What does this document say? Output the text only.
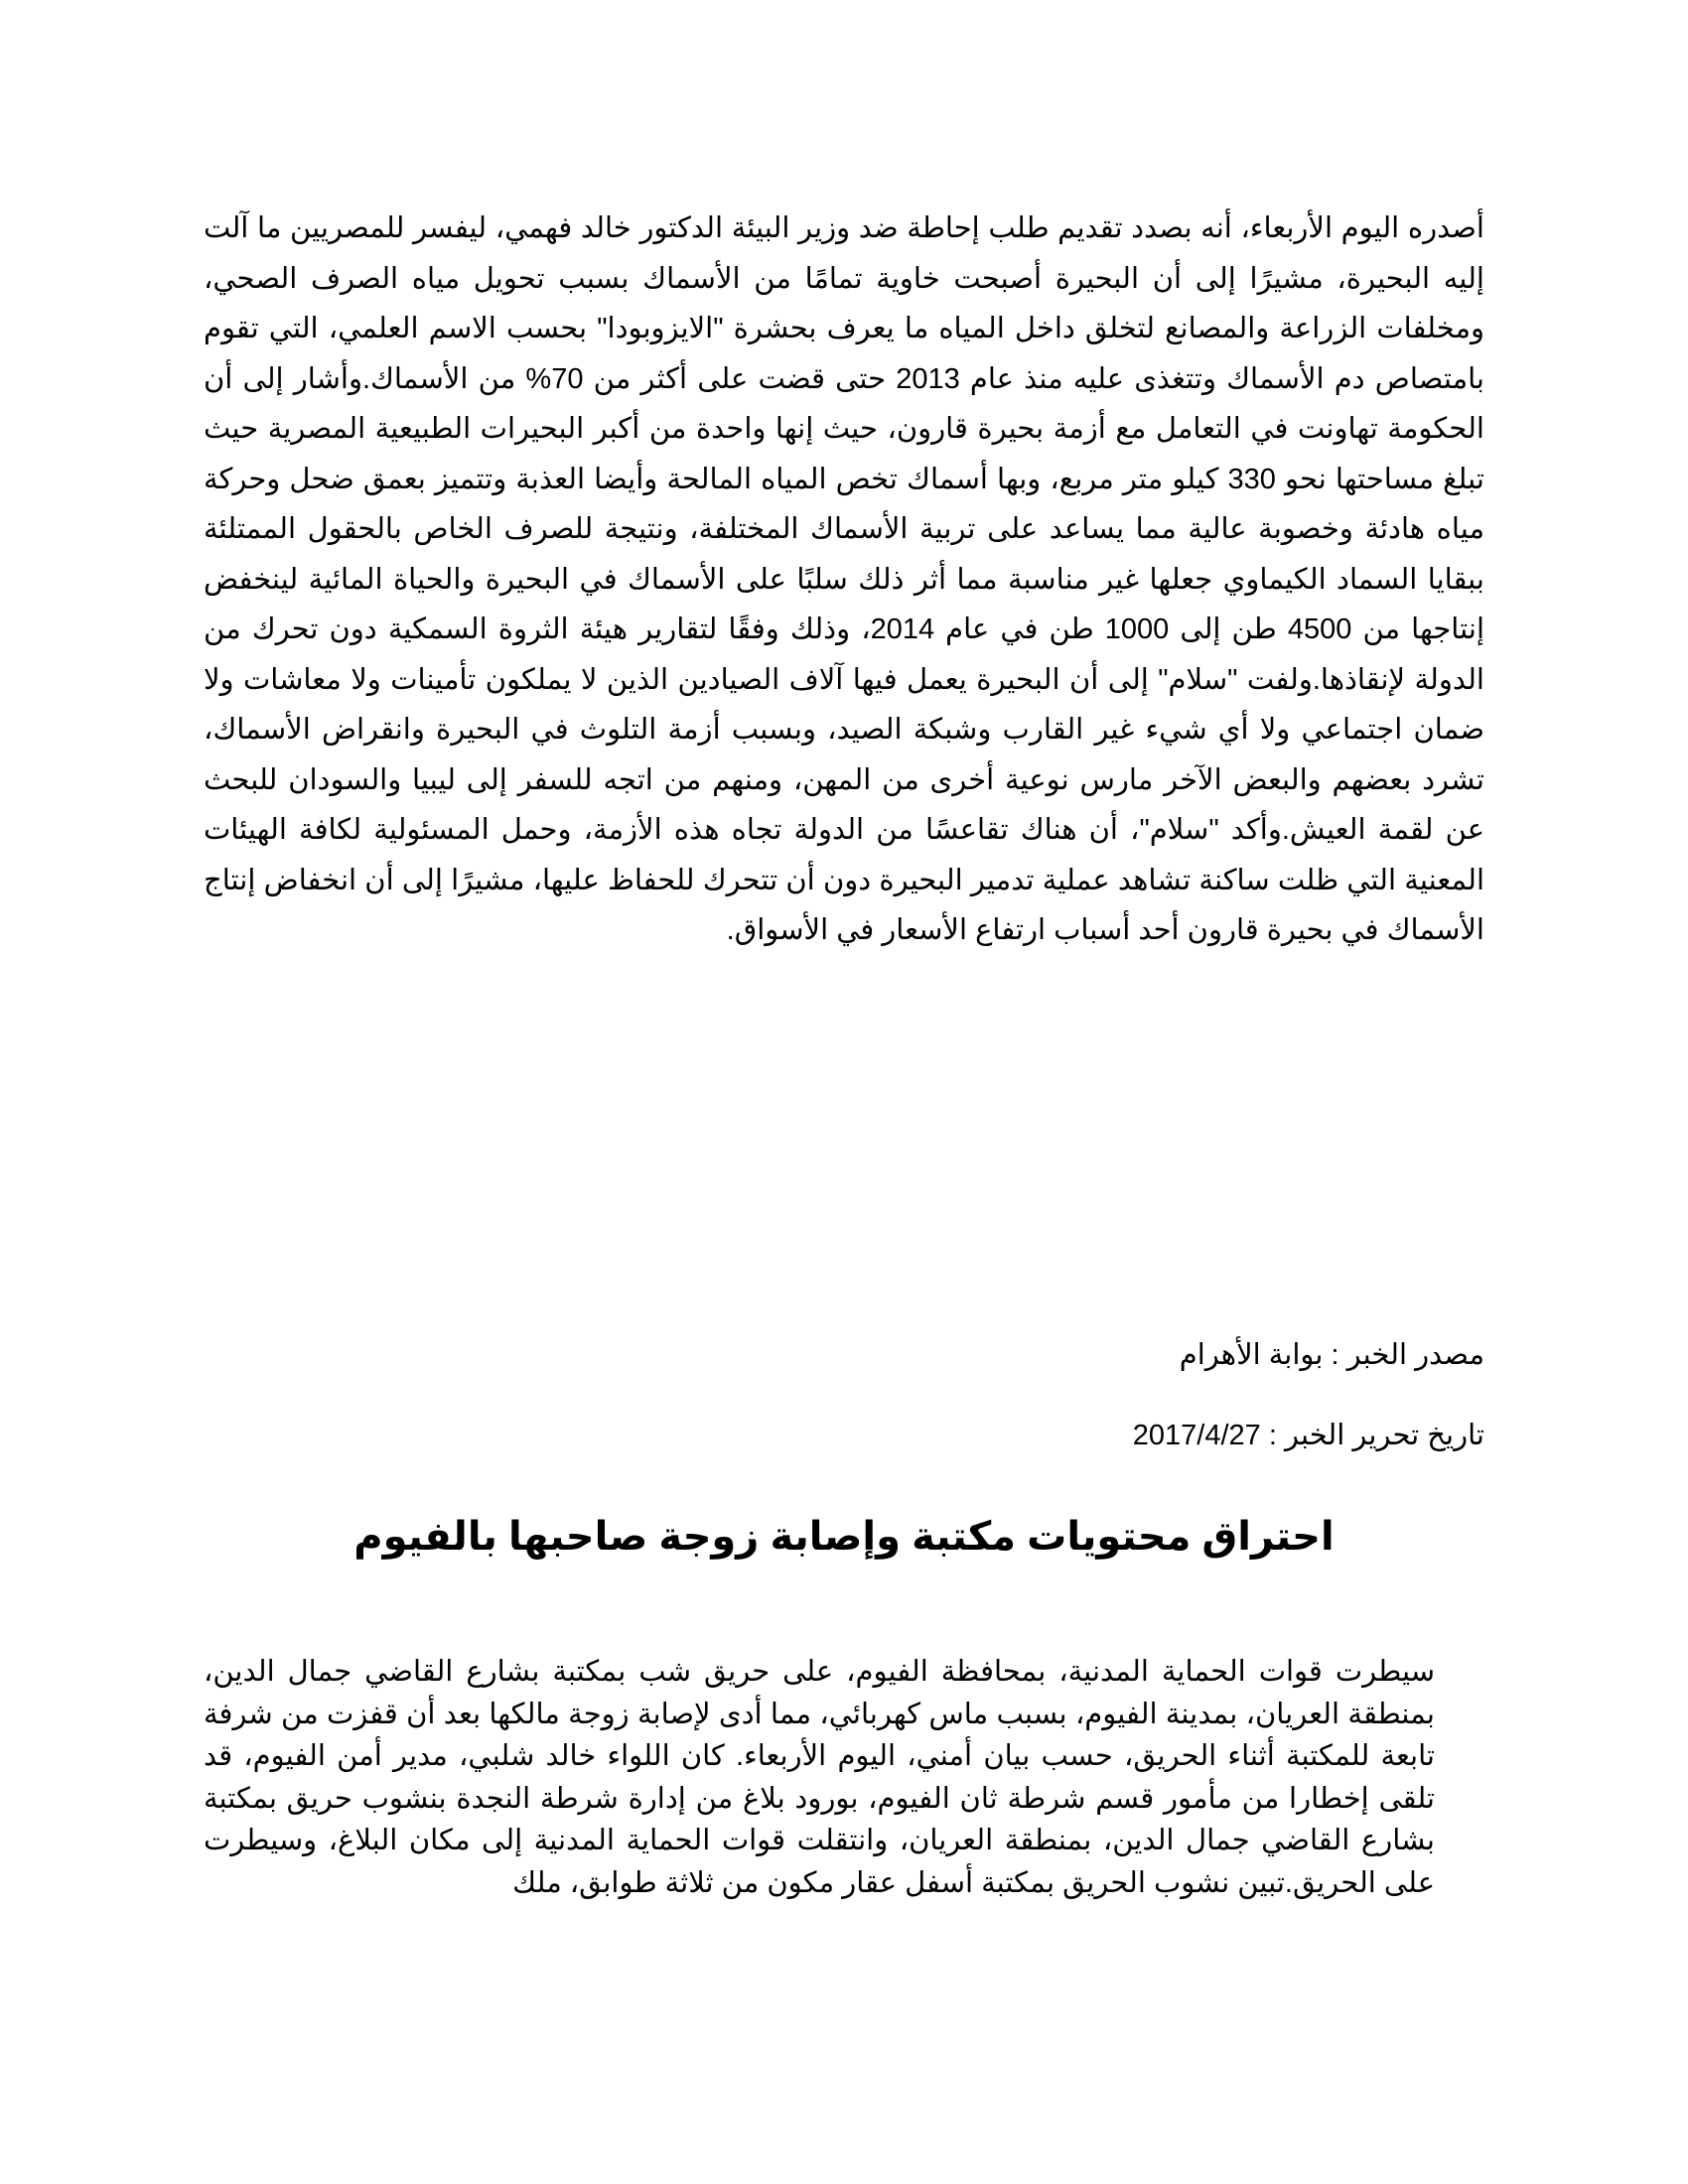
أصدره اليوم الأربعاء، أنه بصدد تقديم طلب إحاطة ضد وزير البيئة الدكتور خالد فهمي، ليفسر للمصريين ما آلت إليه البحيرة، مشيرًا إلى أن البحيرة أصبحت خاوية تمامًا من الأسماك بسبب تحويل مياه الصرف الصحي، ومخلفات الزراعة والمصانع لتخلق داخل المياه ما يعرف بحشرة "الايزوبودا" بحسب الاسم العلمي، التي تقوم بامتصاص دم الأسماك وتتغذى عليه منذ عام 2013 حتى قضت على أكثر من 70% من الأسماك.وأشار إلى أن الحكومة تهاونت في التعامل مع أزمة بحيرة قارون، حيث إنها واحدة من أكبر البحيرات الطبيعية المصرية حيث تبلغ مساحتها نحو 330 كيلو متر مربع، وبها أسماك تخص المياه المالحة وأيضا العذبة وتتميز بعمق ضحل وحركة مياه هادئة وخصوبة عالية مما يساعد على تربية الأسماك المختلفة، ونتيجة للصرف الخاص بالحقول الممتلئة ببقايا السماد الكيماوي جعلها غير مناسبة مما أثر ذلك سلبًا على الأسماك في البحيرة والحياة المائية لينخفض إنتاجها من 4500 طن إلى 1000 طن في عام 2014، وذلك وفقًا لتقارير هيئة الثروة السمكية دون تحرك من الدولة لإنقاذها.ولفت "سلام" إلى أن البحيرة يعمل فيها آلاف الصيادين الذين لا يملكون تأمينات ولا معاشات ولا ضمان اجتماعي ولا أي شيء غير القارب وشبكة الصيد، وبسبب أزمة التلوث في البحيرة وانقراض الأسماك، تشرد بعضهم والبعض الآخر مارس نوعية أخرى من المهن، ومنهم من اتجه للسفر إلى ليبيا والسودان للبحث عن لقمة العيش.وأكد "سلام"، أن هناك تقاعسًا من الدولة تجاه هذه الأزمة، وحمل المسئولية لكافة الهيئات المعنية التي ظلت ساكنة تشاهد عملية تدمير البحيرة دون أن تتحرك للحفاظ عليها، مشيرًا إلى أن انخفاض إنتاج الأسماك في بحيرة قارون أحد أسباب ارتفاع الأسعار في الأسواق.

مصدر الخبر : بوابة الأهرام

تاريخ تحرير الخبر : 2017/4/27

احتراق محتويات مكتبة وإصابة زوجة صاحبها بالفيوم

سيطرت قوات الحماية المدنية، بمحافظة الفيوم، على حريق شب بمكتبة بشارع القاضي جمال الدين، بمنطقة العريان، بمدينة الفيوم، بسبب ماس كهربائي، مما أدى لإصابة زوجة مالكها بعد أن قفزت من شرفة تابعة للمكتبة أثناء الحريق، حسب بيان أمني، اليوم الأربعاء. كان اللواء خالد شلبي، مدير أمن الفيوم، قد تلقى إخطارا من مأمور قسم شرطة ثان الفيوم، بورود بلاغ من إدارة شرطة النجدة بنشوب حريق بمكتبة بشارع القاضي جمال الدين، بمنطقة العريان، وانتقلت قوات الحماية المدنية إلى مكان البلاغ، وسيطرت على الحريق.تبين نشوب الحريق بمكتبة أسفل عقار مكون من ثلاثة طوابق، ملك
